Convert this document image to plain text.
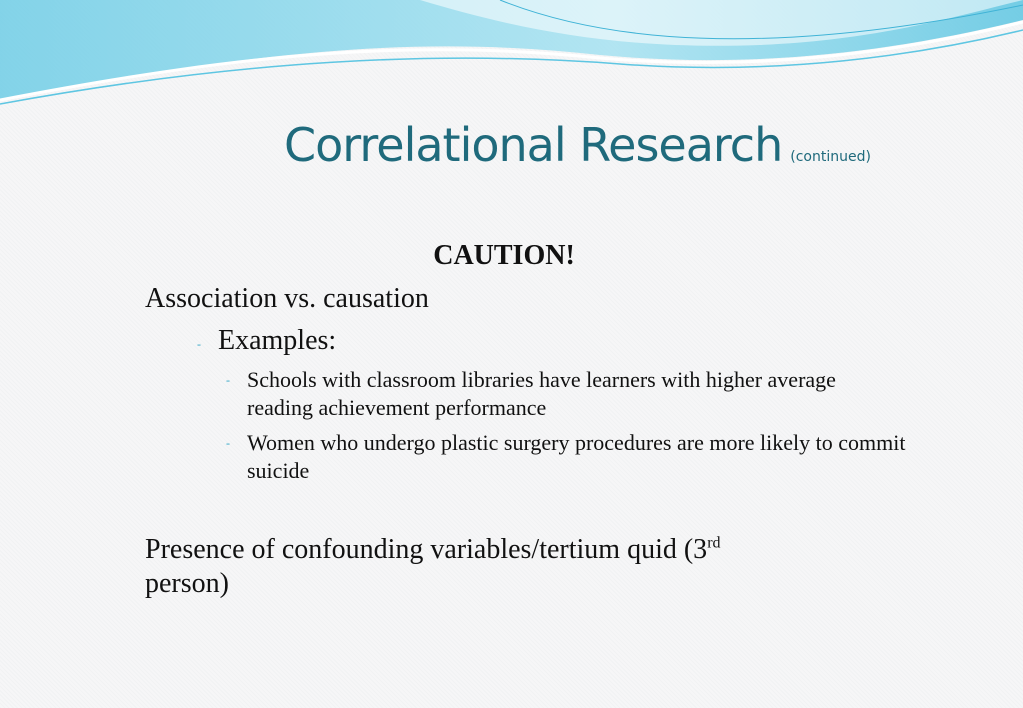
Correlational Research (continued)
CAUTION!
Association vs. causation
- Examples:
- Schools with classroom libraries have learners with higher average reading achievement performance
- Women who undergo plastic surgery procedures are more likely to commit suicide
Presence of confounding variables/tertium quid (3rd
person)
